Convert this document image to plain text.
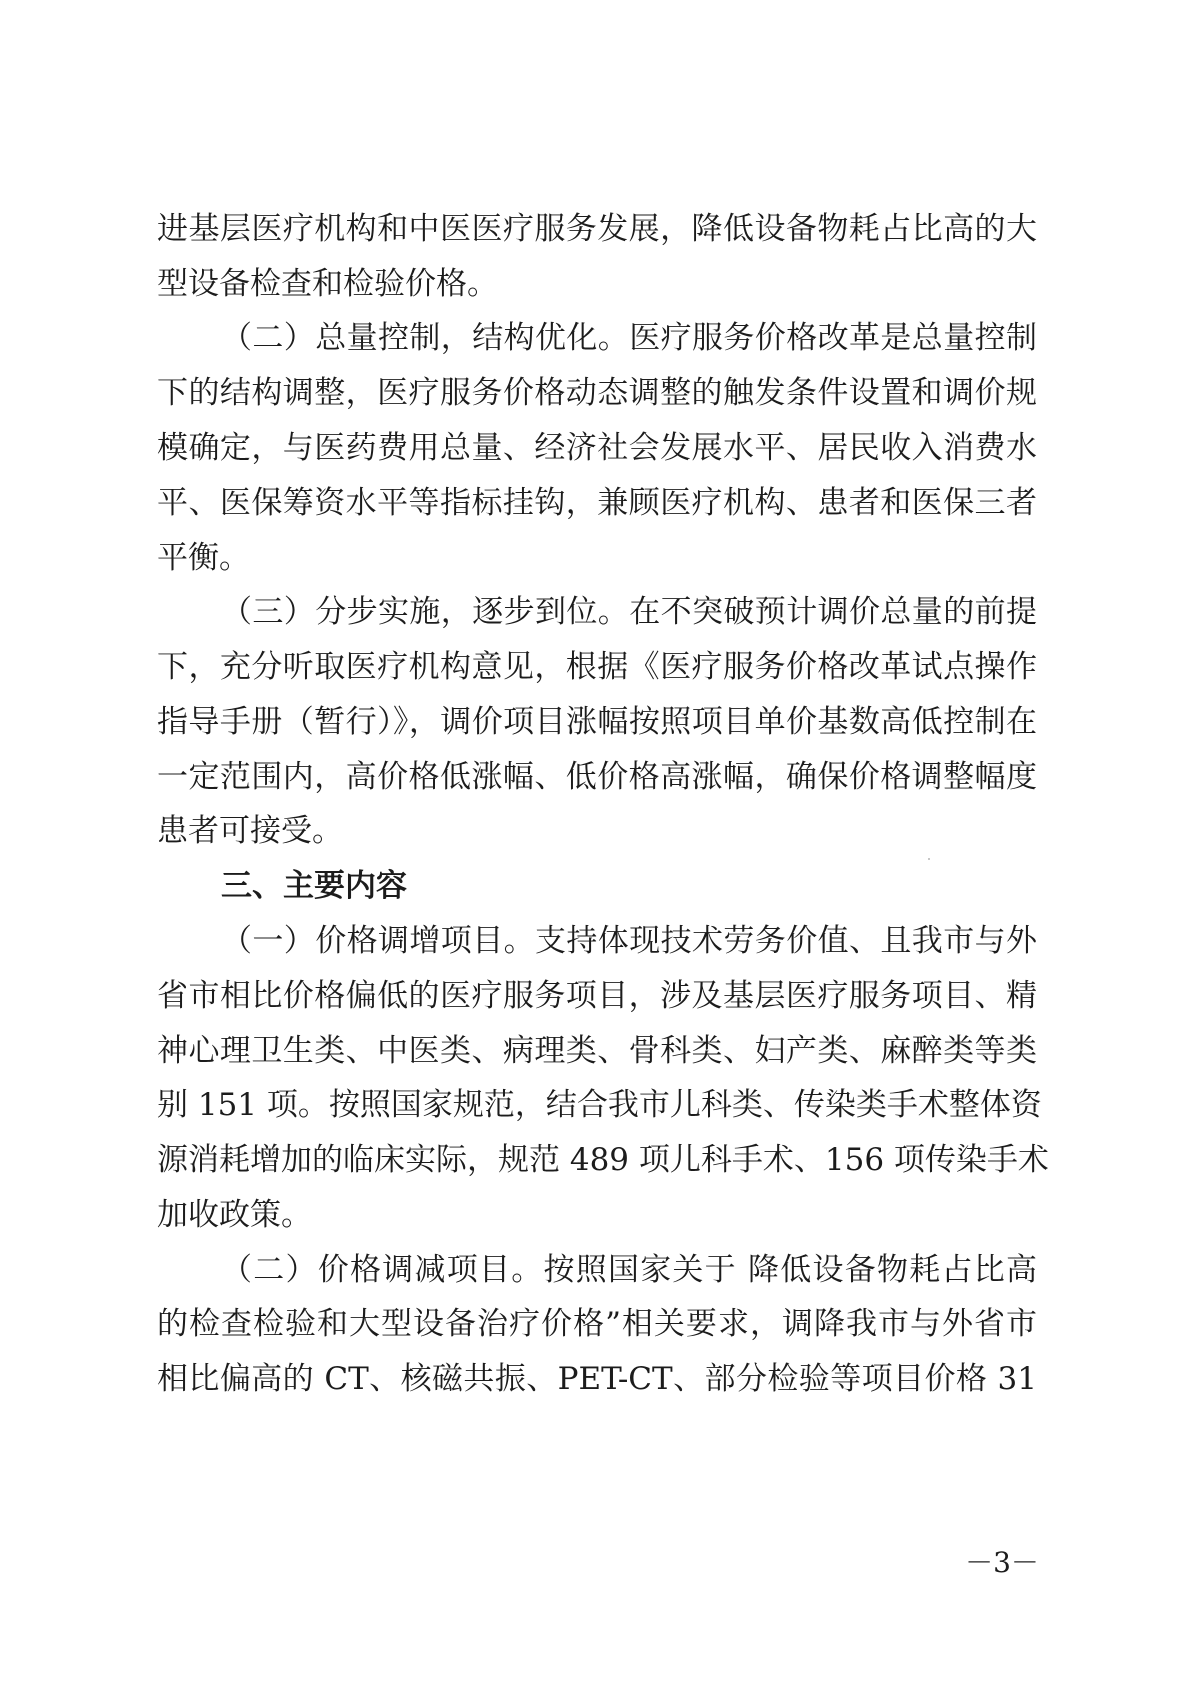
进基层医疗机构和中医医疗服务发展，降低设备物耗占比高的大
型设备检查和检验价格。
（二）总量控制，结构优化。医疗服务价格改革是总量控制
下的结构调整，医疗服务价格动态调整的触发条件设置和调价规
模确定，与医药费用总量、经济社会发展水平、居民收入消费水
平、医保筹资水平等指标挂钩，兼顾医疗机构、患者和医保三者
平衡。
（三）分步实施，逐步到位。在不突破预计调价总量的前提
下，充分听取医疗机构意见，根据《医疗服务价格改革试点操作
指导手册（暂行）》，调价项目涨幅按照项目单价基数高低控制在
一定范围内，高价格低涨幅、低价格高涨幅，确保价格调整幅度
患者可接受。
三、主要内容
（一）价格调增项目。支持体现技术劳务价值、且我市与外
省市相比价格偏低的医疗服务项目，涉及基层医疗服务项目、精
神心理卫生类、中医类、病理类、骨科类、妇产类、麻醉类等类
别 151 项。按照国家规范，结合我市儿科类、传染类手术整体资
源消耗增加的临床实际，规范 489 项儿科手术、156 项传染手术
加收政策。
（二）价格调减项目。按照国家关于 降低设备物耗占比高
的检查检验和大型设备治疗价格”相关要求，调降我市与外省市
相比偏高的 CT、核磁共振、PET-CT、部分检验等项目价格 31
－3－
